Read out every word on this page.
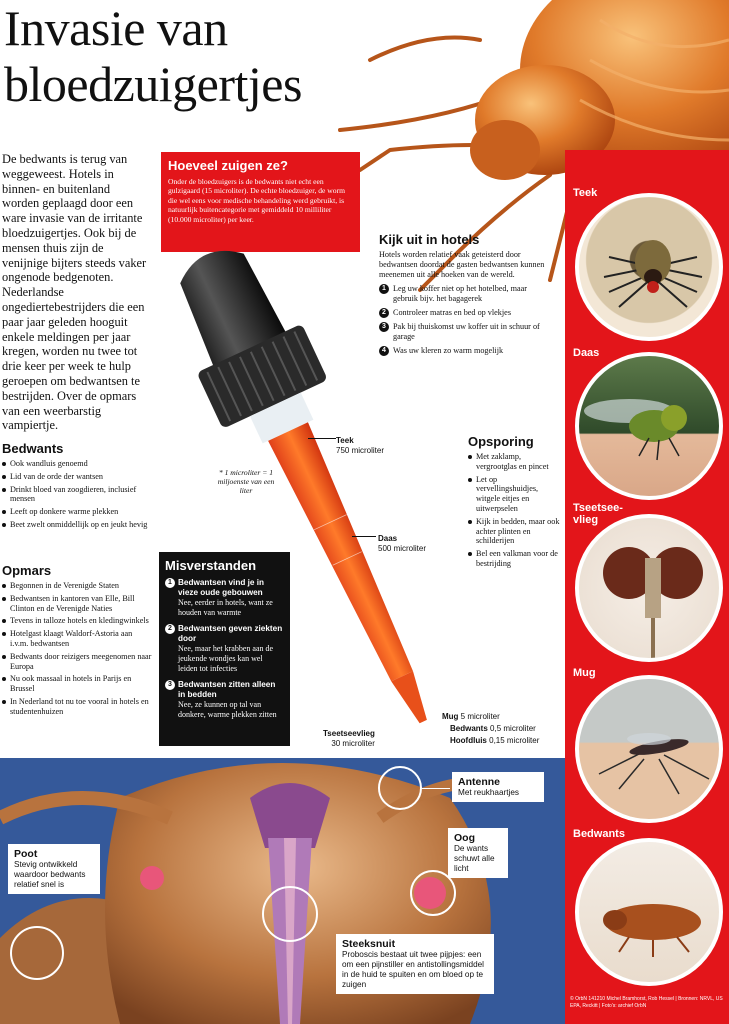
Invasie van
bloedzuigertjes

De bedwants is terug van weggeweest. Hotels in binnen- en buitenland worden geplaagd door een ware invasie van de irritante bloedzuigertjes. Ook bij de mensen thuis zijn de venijnige bijters steeds vaker ongenode bedgenoten. Nederlandse ongediertebestrijders die een paar jaar geleden hooguit enkele meldingen per jaar kregen, worden nu twee tot drie keer per week te hulp geroepen om bedwantsen te bestrijden. Over de opmars van een weerbarstig vampiertje.

Teek
Daas
Tseetsee-
vlieg
Mug
Bedwants
Hoeveel zuigen ze?

Onder de bloedzuigers is de bedwants niet echt een gulzigaard (15 microliter). De echte bloedzuiger, de worm die wel eens voor medische behandeling werd gebruikt, is natuurlijk buitencategorie met gemiddeld 10 milliliter (10.000 microliter) per keer.

Kijk uit in hotels

Hotels worden relatief vaak geteisterd door bedwantsen doordat de gasten bedwantsen kunnen meenemen uit alle hoeken van de wereld.

1 Leg uw koffer niet op het hotelbed, maar gebruik bijv. het bagagerek
2 Controleer matras en bed op vlekjes
3 Pak bij thuiskomst uw koffer uit in schuur of garage
4 Was uw kleren zo warm mogelijk
Teek
750 microliter
Daas
500 microliter
Tseetseevlieg
30 microliter
Mug 5 microliter
Bedwants 0,5 microliter
Hoofdluis 0,15 microliter
* 1 microliter = 1 miljoenste van een liter
Bedwants
Ook wandluis genoemd
Lid van de orde der wantsen
Drinkt bloed van zoogdieren, inclusief mensen
Leeft op donkere warme plekken
Beet zwelt onmiddellijk op en jeukt hevig
Opmars
Begonnen in de Verenigde Staten
Bedwantsen in kantoren van Elle, Bill Clinton en de Verenigde Naties
Tevens in talloze hotels en kledingwinkels
Hotelgast klaagt Waldorf-Astoria aan i.v.m. bedwantsen
Bedwants door reizigers meegenomen naar Europa
Nu ook massaal in hotels in Parijs en Brussel
In Nederland tot nu toe vooral in hotels en studentenhuizen
Opsporing
Met zaklamp, vergrootglas en pincet
Let op vervellingshuidjes, witgele eitjes en uitwerpselen
Kijk in bedden, maar ook achter plinten en schilderijen
Bel een valkman voor de bestrijding
Misverstanden
1 Bedwantsen vind je in vieze oude gebouwen
Nee, eerder in hotels, want ze houden van warmte
2 Bedwantsen geven ziekten door
Nee, maar het krabben aan de jeukende wondjes kan wel leiden tot infecties
3 Bedwantsen zitten alleen in bedden
Nee, ze kunnen op tal van donkere, warme plekken zitten
Antenne
Met reukhaartjes
Oog
De wants schuwt alle licht
Poot
Stevig ontwikkeld waardoor bedwants relatief snel is
Steeksnuit
Proboscis bestaat uit twee pijpjes: een om een pijnstiller en antistollingsmiddel in de huid te spuiten en om bloed op te zuigen
© OrbN 141210 Michel Bramhorst, Rob Hessel | Bronnen: NRVL, US EPA, Reckitt | Foto's: archief OrbN
